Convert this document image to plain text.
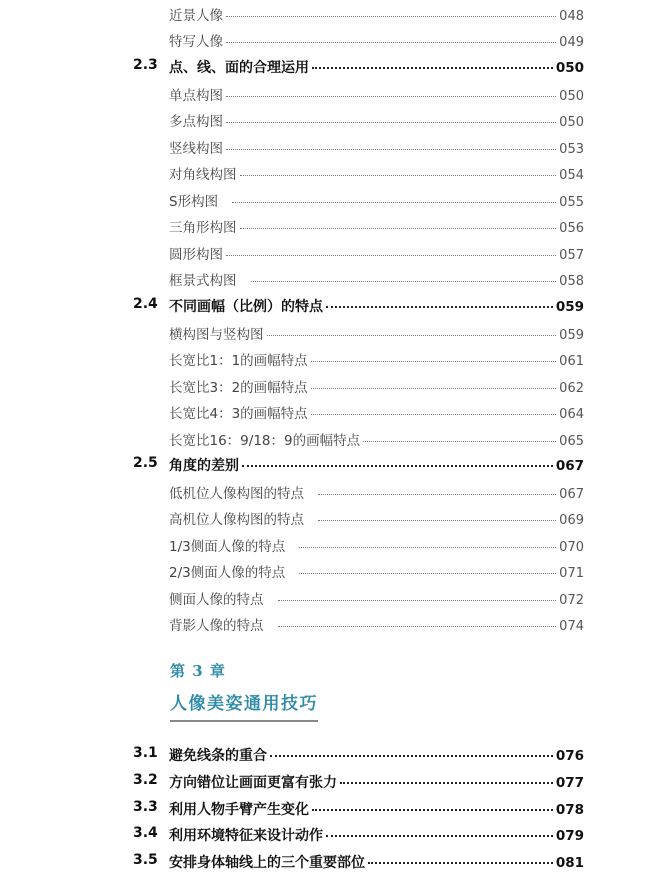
近景人像	048
特写人像	049
2.3 点、线、面的合理运用	050
单点构图	050
多点构图	050
竖线构图	053
对角线构图	054
S形构图	055
三角形构图	056
圆形构图	057
框景式构图	058
2.4 不同画幅（比例）的特点	059
横构图与竖构图	059
长宽比1：1的画幅特点	061
长宽比3：2的画幅特点	062
长宽比4：3的画幅特点	064
长宽比16：9/18：9的画幅特点	065
2.5 角度的差别	067
低机位人像构图的特点	067
高机位人像构图的特点	069
1/3侧面人像的特点	070
2/3侧面人像的特点	071
侧面人像的特点	072
背影人像的特点	074
第 3 章
人像美姿通用技巧
3.1 避免线条的重合	076
3.2 方向错位让画面更富有张力	077
3.3 利用人物手臂产生变化	078
3.4 利用环境特征来设计动作	079
3.5 安排身体轴线上的三个重要部位	081
